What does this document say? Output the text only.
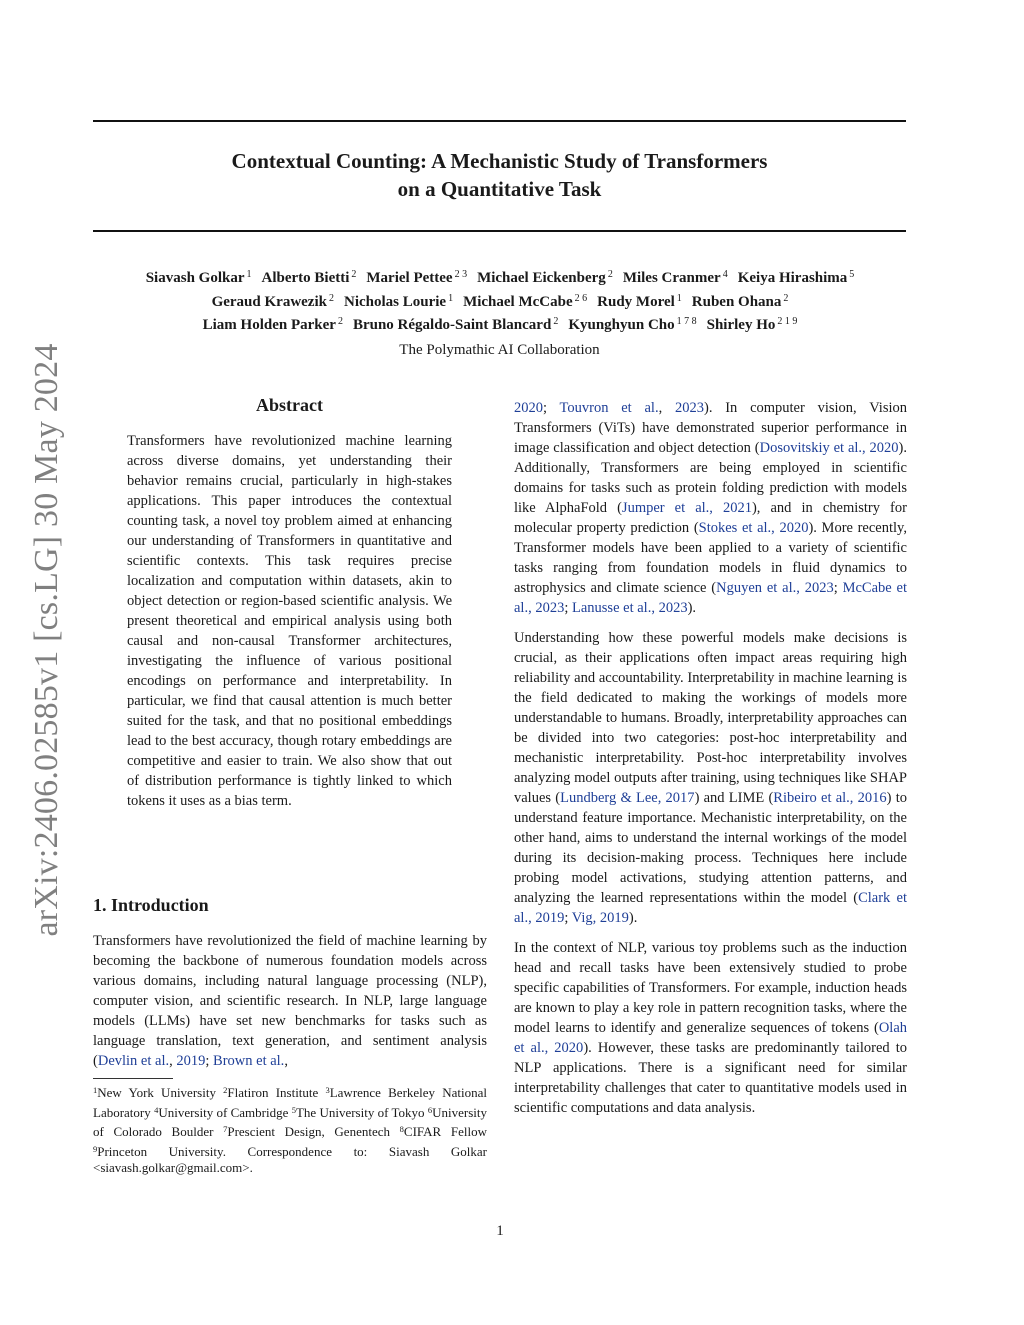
Contextual Counting: A Mechanistic Study of Transformers
on a Quantitative Task
Siavash Golkar $^1$ Alberto Bietti $^2$ Mariel Pettee $^{2 3}$ Michael Eickenberg $^2$ Miles Cranmer $^4$ Keiya Hirashima $^5$
Geraud Krawezik $^2$ Nicholas Lourie $^1$ Michael McCabe $^{2 6}$ Rudy Morel $^1$ Ruben Ohana $^2$
Liam Holden Parker $^2$ Bruno Régaldo-Saint Blancard $^2$ Kyunghyun Cho $^{1 7 8}$ Shirley Ho $^{2 1 9}$
The Polymathic AI Collaboration
arXiv:2406.02585v1 [cs.LG] 30 May 2024	Abstract
Transformers have revolutionized machine learning across diverse domains, yet understanding their behavior remains crucial, particularly in high-stakes applications. This paper introduces the contextual counting task, a novel toy problem aimed at enhancing our understanding of Transformers in quantitative and scientific contexts. This task requires precise localization and computation within datasets, akin to object detection or region-based scientific analysis. We present theoretical and empirical analysis using both causal and non-causal Transformer architectures, investigating the influence of various positional encodings on performance and interpretability. In particular, we find that causal attention is much better suited for the task, and that no positional embeddings lead to the best accuracy, though rotary embeddings are competitive and easier to train. We also show that out of distribution performance is tightly linked to which tokens it uses as a bias term.
1. Introduction
Transformers have revolutionized the field of machine learning by becoming the backbone of numerous foundation models across various domains, including natural language processing (NLP), computer vision, and scientific research. In NLP, large language models (LLMs) have set new benchmarks for tasks such as language translation, text generation, and sentiment analysis (Devlin et al., 2019; Brown et al.,
$^1$New York University $^2$Flatiron Institute $^3$Lawrence Berkeley National Laboratory $^4$University of Cambridge $^5$The University of Tokyo $^6$University of Colorado Boulder $^7$Prescient Design, Genentech $^8$CIFAR Fellow $^9$Princeton University. Correspondence to: Siavash Golkar <siavash.golkar@gmail.com>.

2020; Touvron et al., 2023). In computer vision, Vision Transformers (ViTs) have demonstrated superior performance in image classification and object detection (Dosovitskiy et al., 2020). Additionally, Transformers are being employed in scientific domains for tasks such as protein folding prediction with models like AlphaFold (Jumper et al., 2021), and in chemistry for molecular property prediction (Stokes et al., 2020). More recently, Transformer models have been applied to a variety of scientific tasks ranging from foundation models in fluid dynamics to astrophysics and climate science (Nguyen et al., 2023; McCabe et al., 2023; Lanusse et al., 2023).

Understanding how these powerful models make decisions is crucial, as their applications often impact areas requiring high reliability and accountability. Interpretability in machine learning is the field dedicated to making the workings of models more understandable to humans. Broadly, interpretability approaches can be divided into two categories: post-hoc interpretability and mechanistic interpretability. Post-hoc interpretability involves analyzing model outputs after training, using techniques like SHAP values (Lundberg & Lee, 2017) and LIME (Ribeiro et al., 2016) to understand feature importance. Mechanistic interpretability, on the other hand, aims to understand the internal workings of the model during its decision-making process. Techniques here include probing model activations, studying attention patterns, and analyzing the learned representations within the model (Clark et al., 2019; Vig, 2019).

In the context of NLP, various toy problems such as the induction head and recall tasks have been extensively studied to probe specific capabilities of Transformers. For example, induction heads are known to play a key role in pattern recognition tasks, where the model learns to identify and generalize sequences of tokens (Olah et al., 2020). However, these tasks are predominantly tailored to NLP applications. There is a significant need for similar interpretability challenges that cater to quantitative models used in scientific computations and data analysis.

1
